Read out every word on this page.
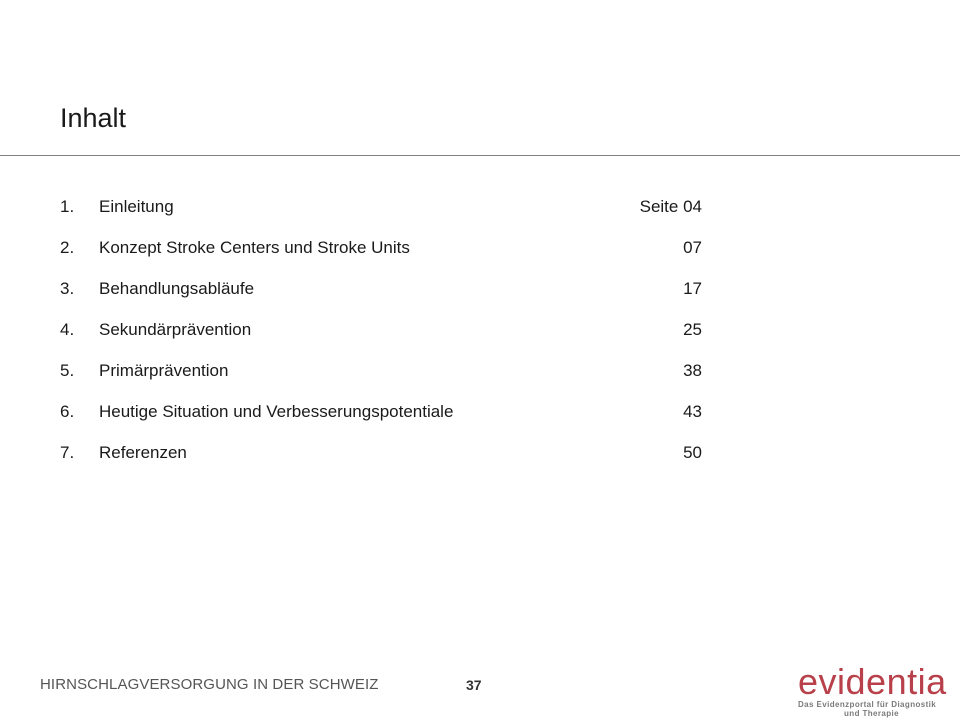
Inhalt
1.	Einleitung	Seite 04
2.	Konzept Stroke Centers und Stroke Units	07
3.	Behandlungsabläufe	17
4.	Sekundärprävention	25
5.	Primärprävention	38
6.	Heutige Situation und Verbesserungspotentiale	43
7.	Referenzen	50
HIRNSCHLAGVERSORGUNG IN DER SCHWEIZ	37	evidentia
Das Evidenzportal für Diagnostik
und Therapie
